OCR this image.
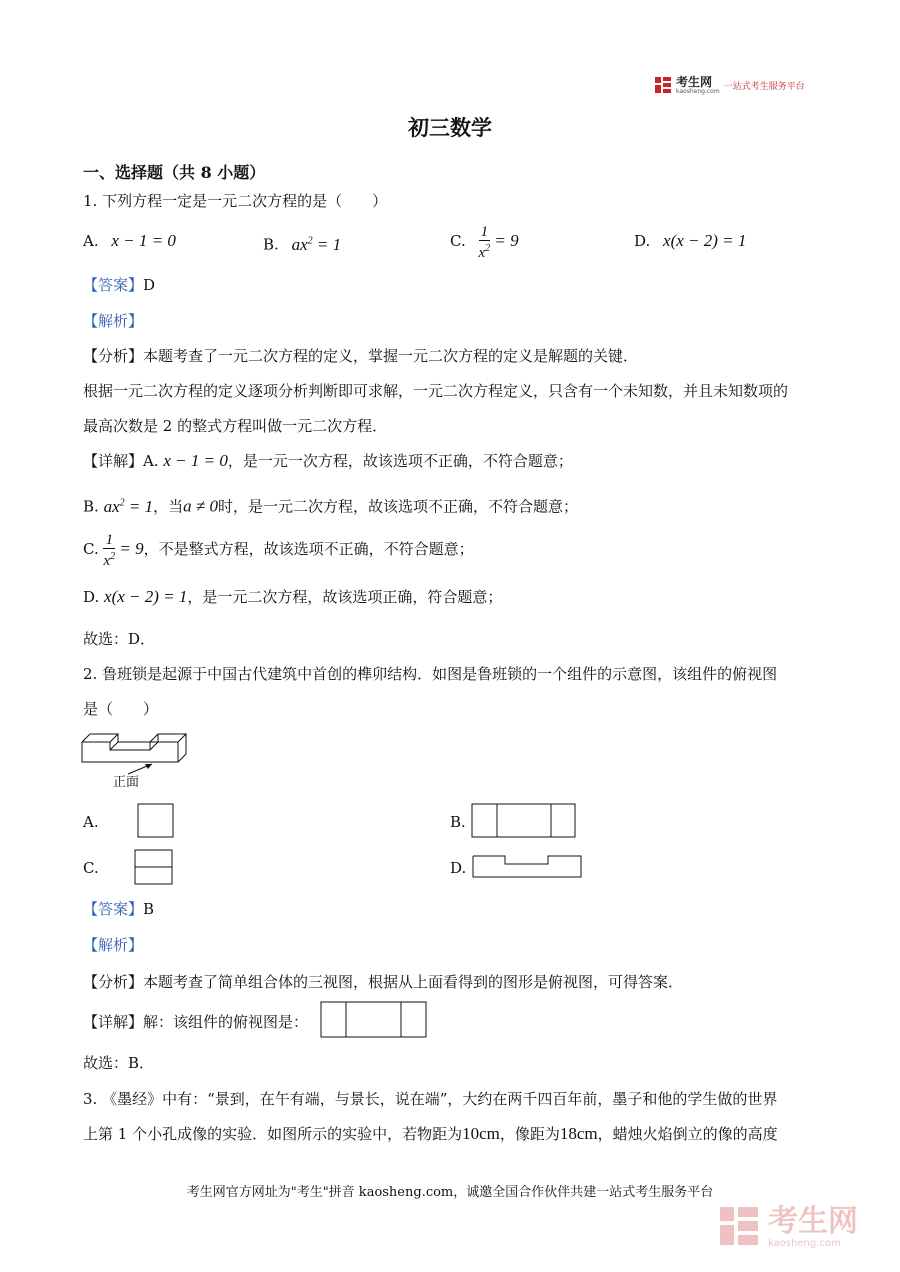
考生网
kaosheng.com 一站式考生服务平台
初三数学
一、选择题（共 8 小题）
1. 下列方程一定是一元二次方程的是（　　）
A. x − 1 = 0	B. $ax^2 = 1$	C. $\frac{1}{x^2} = 9$	D. x(x − 2) = 1
【答案】D
【解析】
【分析】本题考查了一元二次方程的定义，掌握一元二次方程的定义是解题的关键．
根据一元二次方程的定义逐项分析判断即可求解，一元二次方程定义，只含有一个未知数，并且未知数项的
最高次数是 2 的整式方程叫做一元二次方程．
【详解】A. x − 1 = 0，是一元一次方程，故该选项不正确，不符合题意；
B. $ax^2 = 1$，当a ≠ 0时，是一元二次方程，故该选项不正确，不符合题意；
C. $\frac{1}{x^2} = 9$，不是整式方程，故该选项不正确，不符合题意；
D. x(x − 2) = 1，是一元二次方程，故该选项正确，符合题意；
故选：D．
2. 鲁班锁是起源于中国古代建筑中首创的榫卯结构．如图是鲁班锁的一个组件的示意图，该组件的俯视图
是（　　）
正面
A.	B.
C.	D.
【答案】B
【解析】
【分析】本题考查了简单组合体的三视图，根据从上面看得到的图形是俯视图，可得答案．
【详解】解：该组件的俯视图是：
故选：B．
3. 《墨经》中有：“景到，在午有端，与景长，说在端”，大约在两千四百年前，墨子和他的学生做的世界
上第 1 个小孔成像的实验．如图所示的实验中，若物距为10cm，像距为18cm，蜡烛火焰倒立的像的高度
考生网官方网址为"考生"拼音 kaosheng.com，诚邀全国合作伙伴共建一站式考生服务平台
考生网
kaosheng.com
